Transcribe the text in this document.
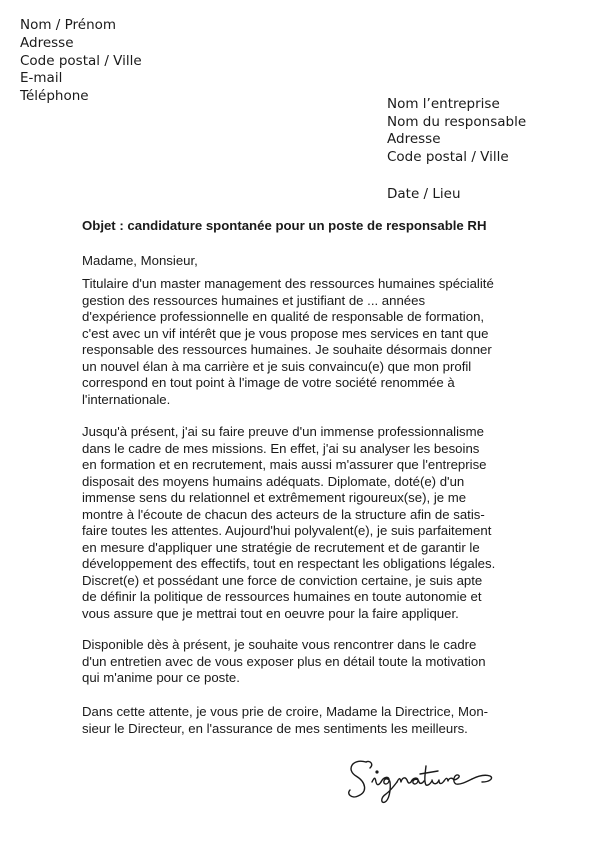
Nom / Prénom
Adresse
Code postal / Ville
E-mail
Téléphone	Nom l’entreprise
Nom du responsable
Adresse
Code postal / Ville
Date / Lieu
Objet : candidature spontanée pour un poste de responsable RH
Madame, Monsieur,
Titulaire d'un master management des ressources humaines spécialité
gestion des ressources humaines et justifiant de ... années
d'expérience professionnelle en qualité de responsable de formation,
c'est avec un vif intérêt que je vous propose mes services en tant que
responsable des ressources humaines. Je souhaite désormais donner
un nouvel élan à ma carrière et je suis convaincu(e) que mon profil
correspond en tout point à l'image de votre société renommée à
l'internationale.
Jusqu'à présent, j'ai su faire preuve d'un immense professionnalisme
dans le cadre de mes missions. En effet, j'ai su analyser les besoins
en formation et en recrutement, mais aussi m'assurer que l'entreprise
disposait des moyens humains adéquats. Diplomate, doté(e) d'un
immense sens du relationnel et extrêmement rigoureux(se), je me
montre à l'écoute de chacun des acteurs de la structure afin de satis-
faire toutes les attentes. Aujourd'hui polyvalent(e), je suis parfaitement
en mesure d'appliquer une stratégie de recrutement et de garantir le
développement des effectifs, tout en respectant les obligations légales.
Discret(e) et possédant une force de conviction certaine, je suis apte
de définir la politique de ressources humaines en toute autonomie et
vous assure que je mettrai tout en oeuvre pour la faire appliquer.
Disponible dès à présent, je souhaite vous rencontrer dans le cadre
d'un entretien avec de vous exposer plus en détail toute la motivation
qui m'anime pour ce poste.
Dans cette attente, je vous prie de croire, Madame la Directrice, Mon-
sieur le Directeur, en l'assurance de mes sentiments les meilleurs.
